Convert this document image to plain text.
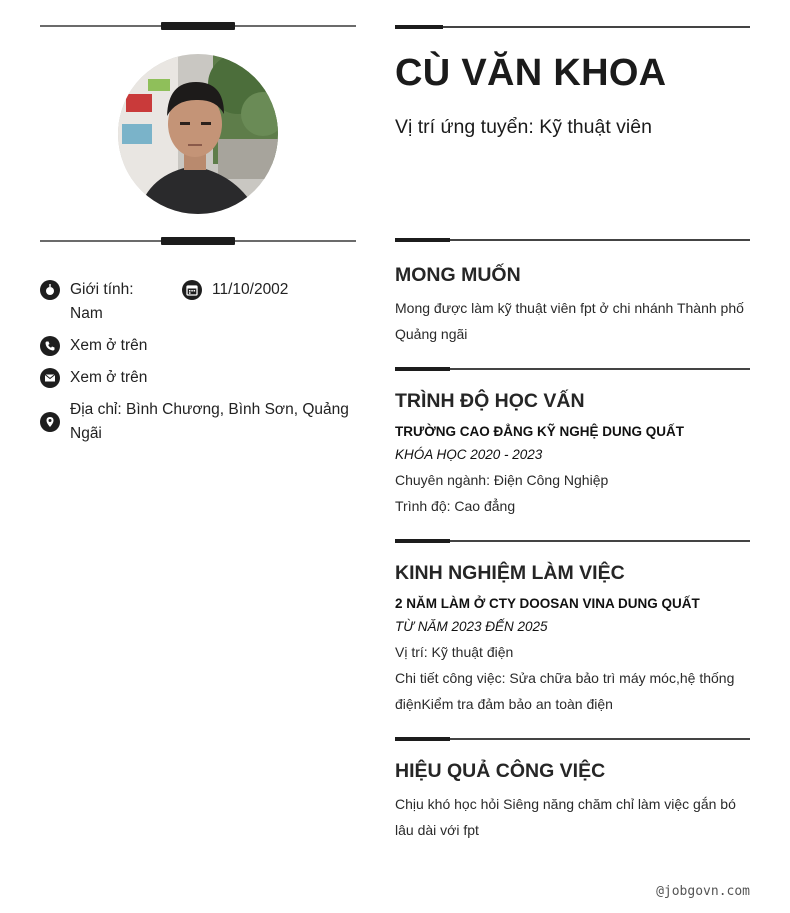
Giới tính:
Nam
11/10/2002
Xem ở trên
Xem ở trên
Địa chỉ: Bình Chương, Bình Sơn, Quảng Ngãi
CÙ VĂN KHOA
Vị trí ứng tuyển: Kỹ thuật viên
MONG MUỐN
Mong được làm kỹ thuật viên fpt ở chi nhánh Thành phố Quảng ngãi
TRÌNH ĐỘ HỌC VẤN
TRƯỜNG CAO ĐẲNG KỸ NGHỆ DUNG QUẤT
KHÓA HỌC 2020 - 2023
Chuyên ngành: Điện Công Nghiệp
Trình độ: Cao đẳng
KINH NGHIỆM LÀM VIỆC
2 NĂM LÀM Ở CTY DOOSAN VINA DUNG QUẤT
TỪ NĂM 2023 ĐẾN 2025
Vị trí: Kỹ thuật điện
Chi tiết công việc: Sửa chữa bảo trì máy móc,hệ thống điệnKiểm tra đảm bảo an toàn điện
HIỆU QUẢ CÔNG VIỆC
Chịu khó học hỏi Siêng năng chăm chỉ làm việc gắn bó lâu dài với fpt
@jobgovn.com
